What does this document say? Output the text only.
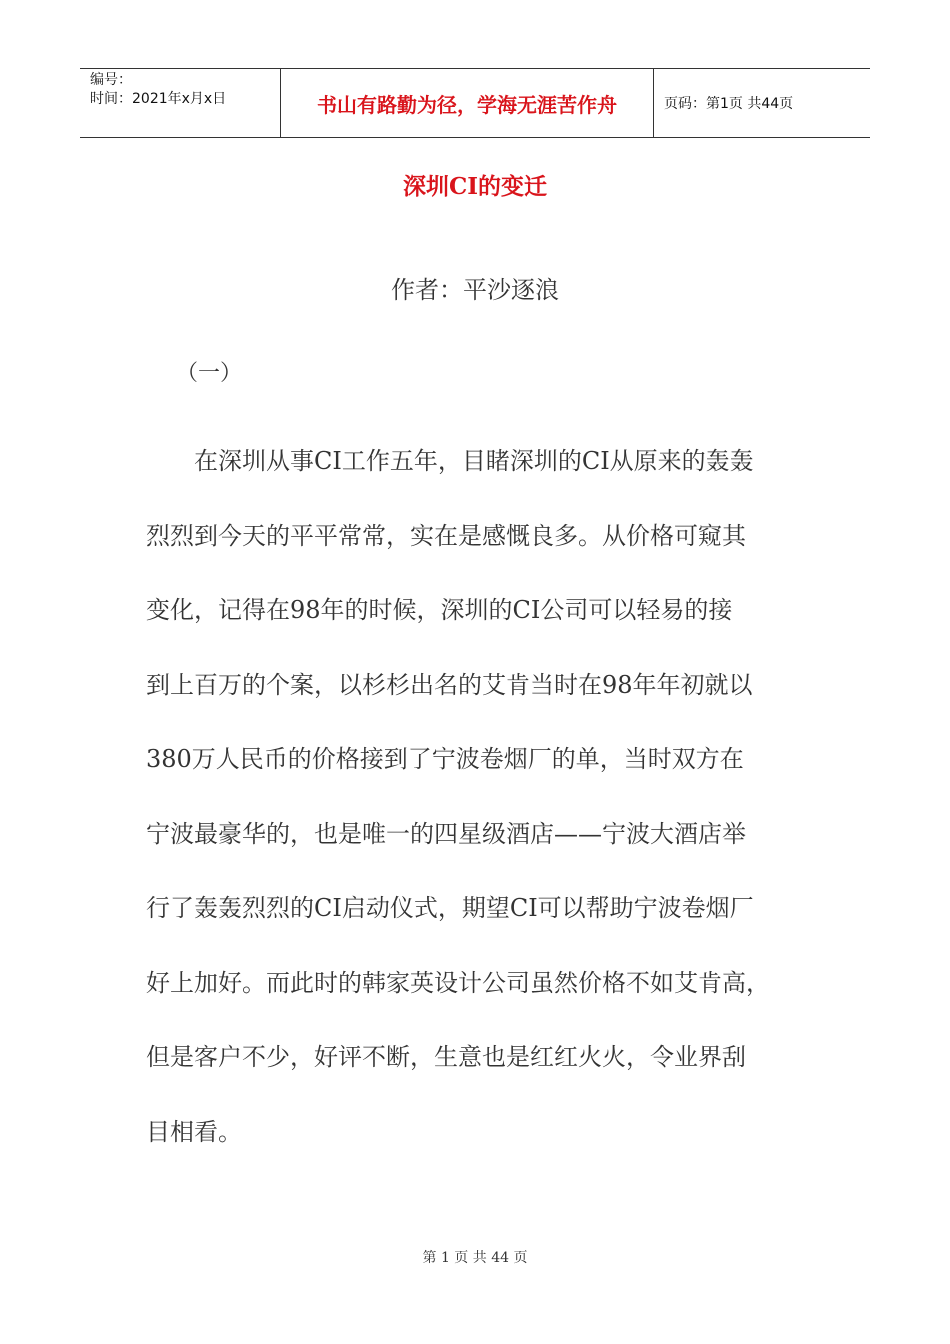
编号：
时间：2021年x月x日	书山有路勤为径，学海无涯苦作舟	页码：第1页 共44页
深圳CI的变迁
作者：平沙逐浪
（一）
　　在深圳从事CI工作五年，目睹深圳的CI从原来的轰轰
烈烈到今天的平平常常，实在是感慨良多。从价格可窥其
变化，记得在98年的时候，深圳的CI公司可以轻易的接
到上百万的个案，以杉杉出名的艾肯当时在98年年初就以
380万人民币的价格接到了宁波卷烟厂的单，当时双方在
宁波最豪华的，也是唯一的四星级酒店——宁波大酒店举
行了轰轰烈烈的CI启动仪式，期望CI可以帮助宁波卷烟厂
好上加好。而此时的韩家英设计公司虽然价格不如艾肯高，
但是客户不少，好评不断，生意也是红红火火，令业界刮
目相看。
第 1 页 共 44 页
